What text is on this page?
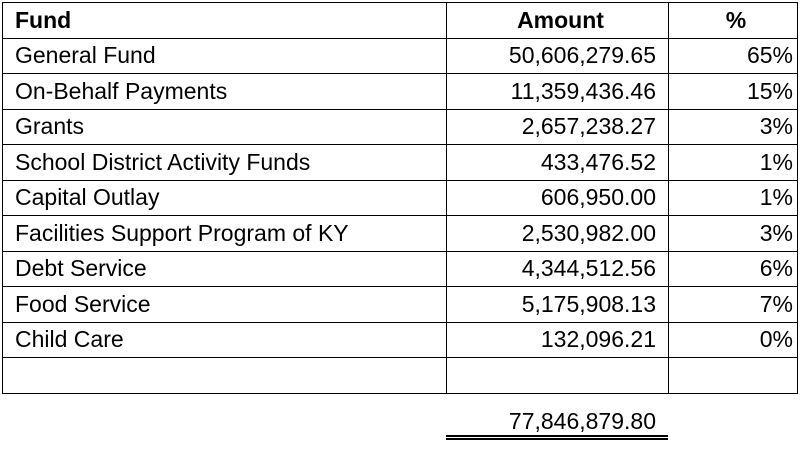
Fund	Amount	%
General Fund	50,606,279.65	65%
On-Behalf Payments	11,359,436.46	15%
Grants	2,657,238.27	3%
School District Activity Funds	433,476.52	1%
Capital Outlay	606,950.00	1%
Facilities Support Program of KY	2,530,982.00	3%
Debt Service	4,344,512.56	6%
Food Service	5,175,908.13	7%
Child Care	132,096.21	0%

77,846,879.80
